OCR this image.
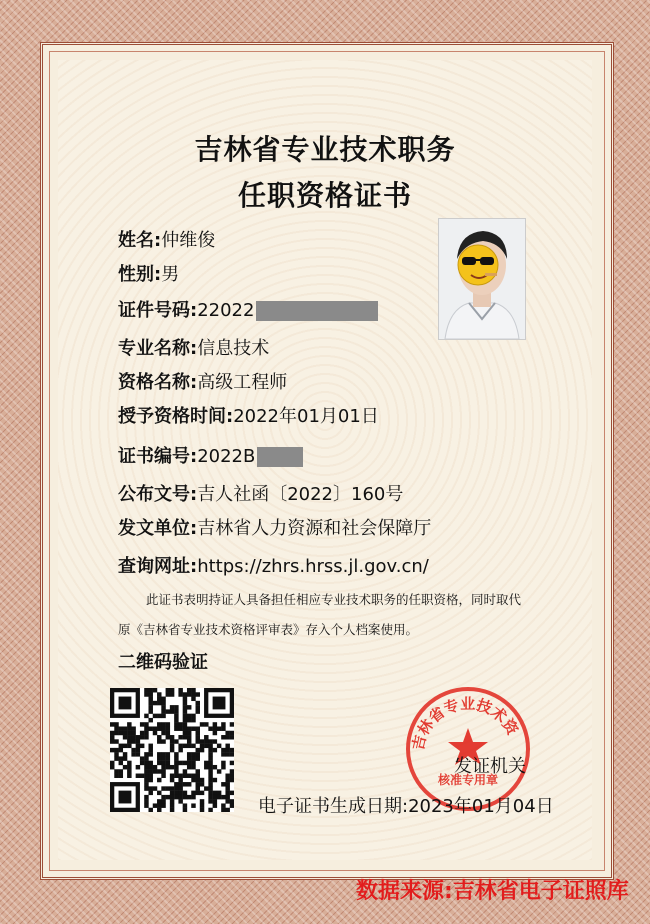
吉林省专业技术职务
任职资格证书
姓名:仲维俊
性别:男
证件号码:22022
专业名称:信息技术
资格名称:高级工程师
授予资格时间:2022年01月01日
证书编号:2022B
公布文号:吉人社函〔2022〕160号
发文单位:吉林省人力资源和社会保障厅
查询网址:https://zhrs.hrss.jl.gov.cn/
此证书表明持证人具备担任相应专业技术职务的任职资格，同时取代
原《吉林省专业技术资格评审表》存入个人档案使用。
二维码验证
吉林省专业技术资
核准专用章
发证机关
电子证书生成日期:2023年01月04日
数据来源:吉林省电子证照库
